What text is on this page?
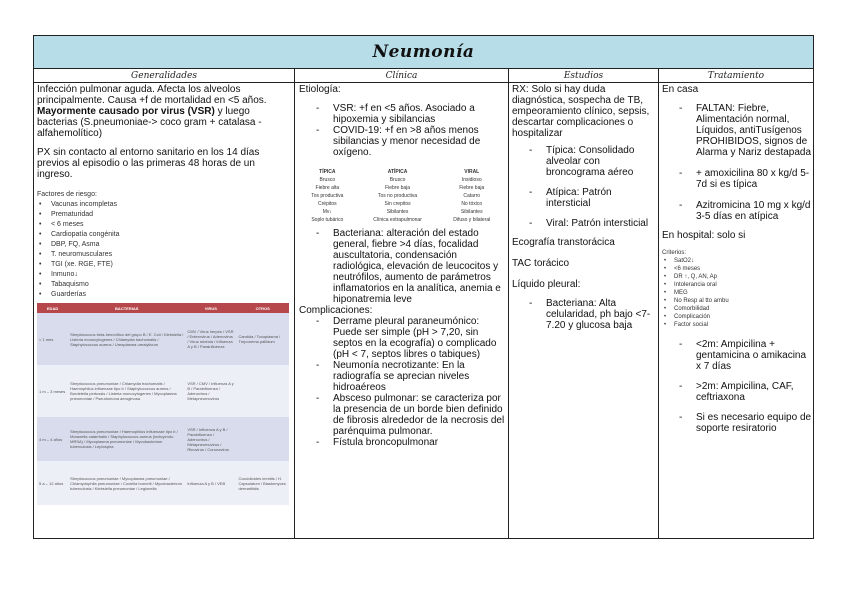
Neumonía
Generalidades	Clínica	Estudios	Tratamiento

Infección pulmonar aguda. Afecta los alveolos principalmente. Causa +f de mortalidad en <5 años. Mayormente causado por virus (VSR) y luego bacterias (S.pneumoniae-> coco gram + catalasa - alfahemolítico)

PX sin contacto al entorno sanitario en los 14 días previos al episodio o las primeras 48 horas de un ingreso.

Factores de riesgo:
• Vacunas incompletas
• Prematuridad
• < 6 meses
• Cardiopatía congénita
• DBP, FQ, Asma
• T. neuromusculares
• TGI (xe. RGE, FTE)
• Inmuno↓
• Tabaquismo
• Guarderías
EDAD	BACTERIAS	VIRUS	OTROS
< 1 mes	Streptococcus beta-hemolítico del grupo B / E. Coli / Klebsiella / Listeria monocytogenes / Chlamydia trachomatis / Staphylococcus aureus / Ureaplasma urealyticum	CMV / Virus herpes / VSR / Enterovirus / Adenovirus / Virus rubéola / Influenza A y B / Parainfluenza	Candida / Toxoplasma / Treponema pallidum
1 m – 3 meses	Streptococcus pneumoniae / Chlamydia trachomatis / Haemophilus influenzae tipo b / Staphylococcus aureus / Bordetella pertussis / Listeria monocytogenes / Mycoplasma pneumoniae / Pseudomona aeruginosa	VSR / CMV / Influenza A y B / Parainfluenza / Adenovirus / Metapneumovirus	
4 m – 4 años	Streptococcus pneumoniae / Haemophilus influenzae tipo b / Moraxella catarrhalis / Staphylococcus aureus (incluyendo MRSA) / Mycoplasma pneumoniae / Mycobacterium tuberculosis / Leptospira	VSR / Influenza A y B / Parainfluenza / Adenovirus / Metapneumovirus / Rinovirus / Coronavirus	
5 a – 12 años	Streptococcus pneumoniae / Mycoplasma pneumoniae / Chlamydophila pneumoniae / Coxiella burnetii / Mycobacterium tuberculosis / Klebsiella pneumoniae / Legionella	Influenza A y B / VEB	Coccidioides immitis / H. Capsulatum / Blastomyces dermatitidis
Etiología:
- VSR: +f en <5 años. Asociado a hipoxemia y sibilancias
- COVID-19: +f en >8 años menos sibilancias y menor necesidad de oxígeno.
TÍPICA	ATÍPICA	VIRAL
Brusco	Brusco	Insidioso
Fiebre alta	Fiebre baja	Fiebre baja
Tos productiva	Tos no productiva	Catarro
Crépitos	Sin crepitos	No tóxico
Mv↓	Sibilantes	Sibilantes
Soplo tubárico	Clínica extrapulmonar	Difuso y bilateral
- Bacteriana: alteración del estado general, fiebre >4 días, focalidad auscultatoria, condensación radiológica, elevación de leucocitos y neutrófilos, aumento de parámetros inflamatorios en la analítica, anemia e hiponatremia leve
Complicaciones:
- Derrame pleural paraneumónico: Puede ser simple (pH > 7,20, sin septos en la ecografía) o complicado (pH < 7, septos libres o tabiques)
- Neumonía necrotizante: En la radiografía se aprecian niveles hidroaéreos
- Absceso pulmonar: se caracteriza por la presencia de un borde bien definido de fibrosis alrededor de la necrosis del parénquima pulmonar.
- Fístula broncopulmonar

RX: Solo si hay duda diagnóstica, sospecha de TB, empeoramiento clínico, sepsis, descartar complicaciones o hospitalizar

- Típica: Consolidado alveolar con broncograma aéreo
- Atípica: Patrón intersticial
- Viral: Patrón intersticial
Ecografía transtorácica
TAC torácico
Líquido pleural:
- Bacteriana: Alta celularidad, ph bajo <7-7.20 y glucosa baja
En casa
- FALTAN: Fiebre, Alimentación normal, Líquidos, antiTusígenos PROHIBIDOS, signos de Alarma y Nariz destapada
- + amoxicilina 80 x kg/d 5-7d si es típica
- Azitromicina 10 mg x kg/d 3-5 días en atípica
En hospital: solo si
Criterios:
• SatO2↓
• <6 meses
• DR ↑, Q, AN, Ap
• Intolerancia oral
• MEG
• No Resp al tto ambu
• Comorbilidad
• Complicación
• Factor social
- <2m: Ampicilina + gentamicina o amikacina x 7 días
- >2m: Ampicilina, CAF, ceftriaxona
- Si es necesario equipo de soporte resiratorio
